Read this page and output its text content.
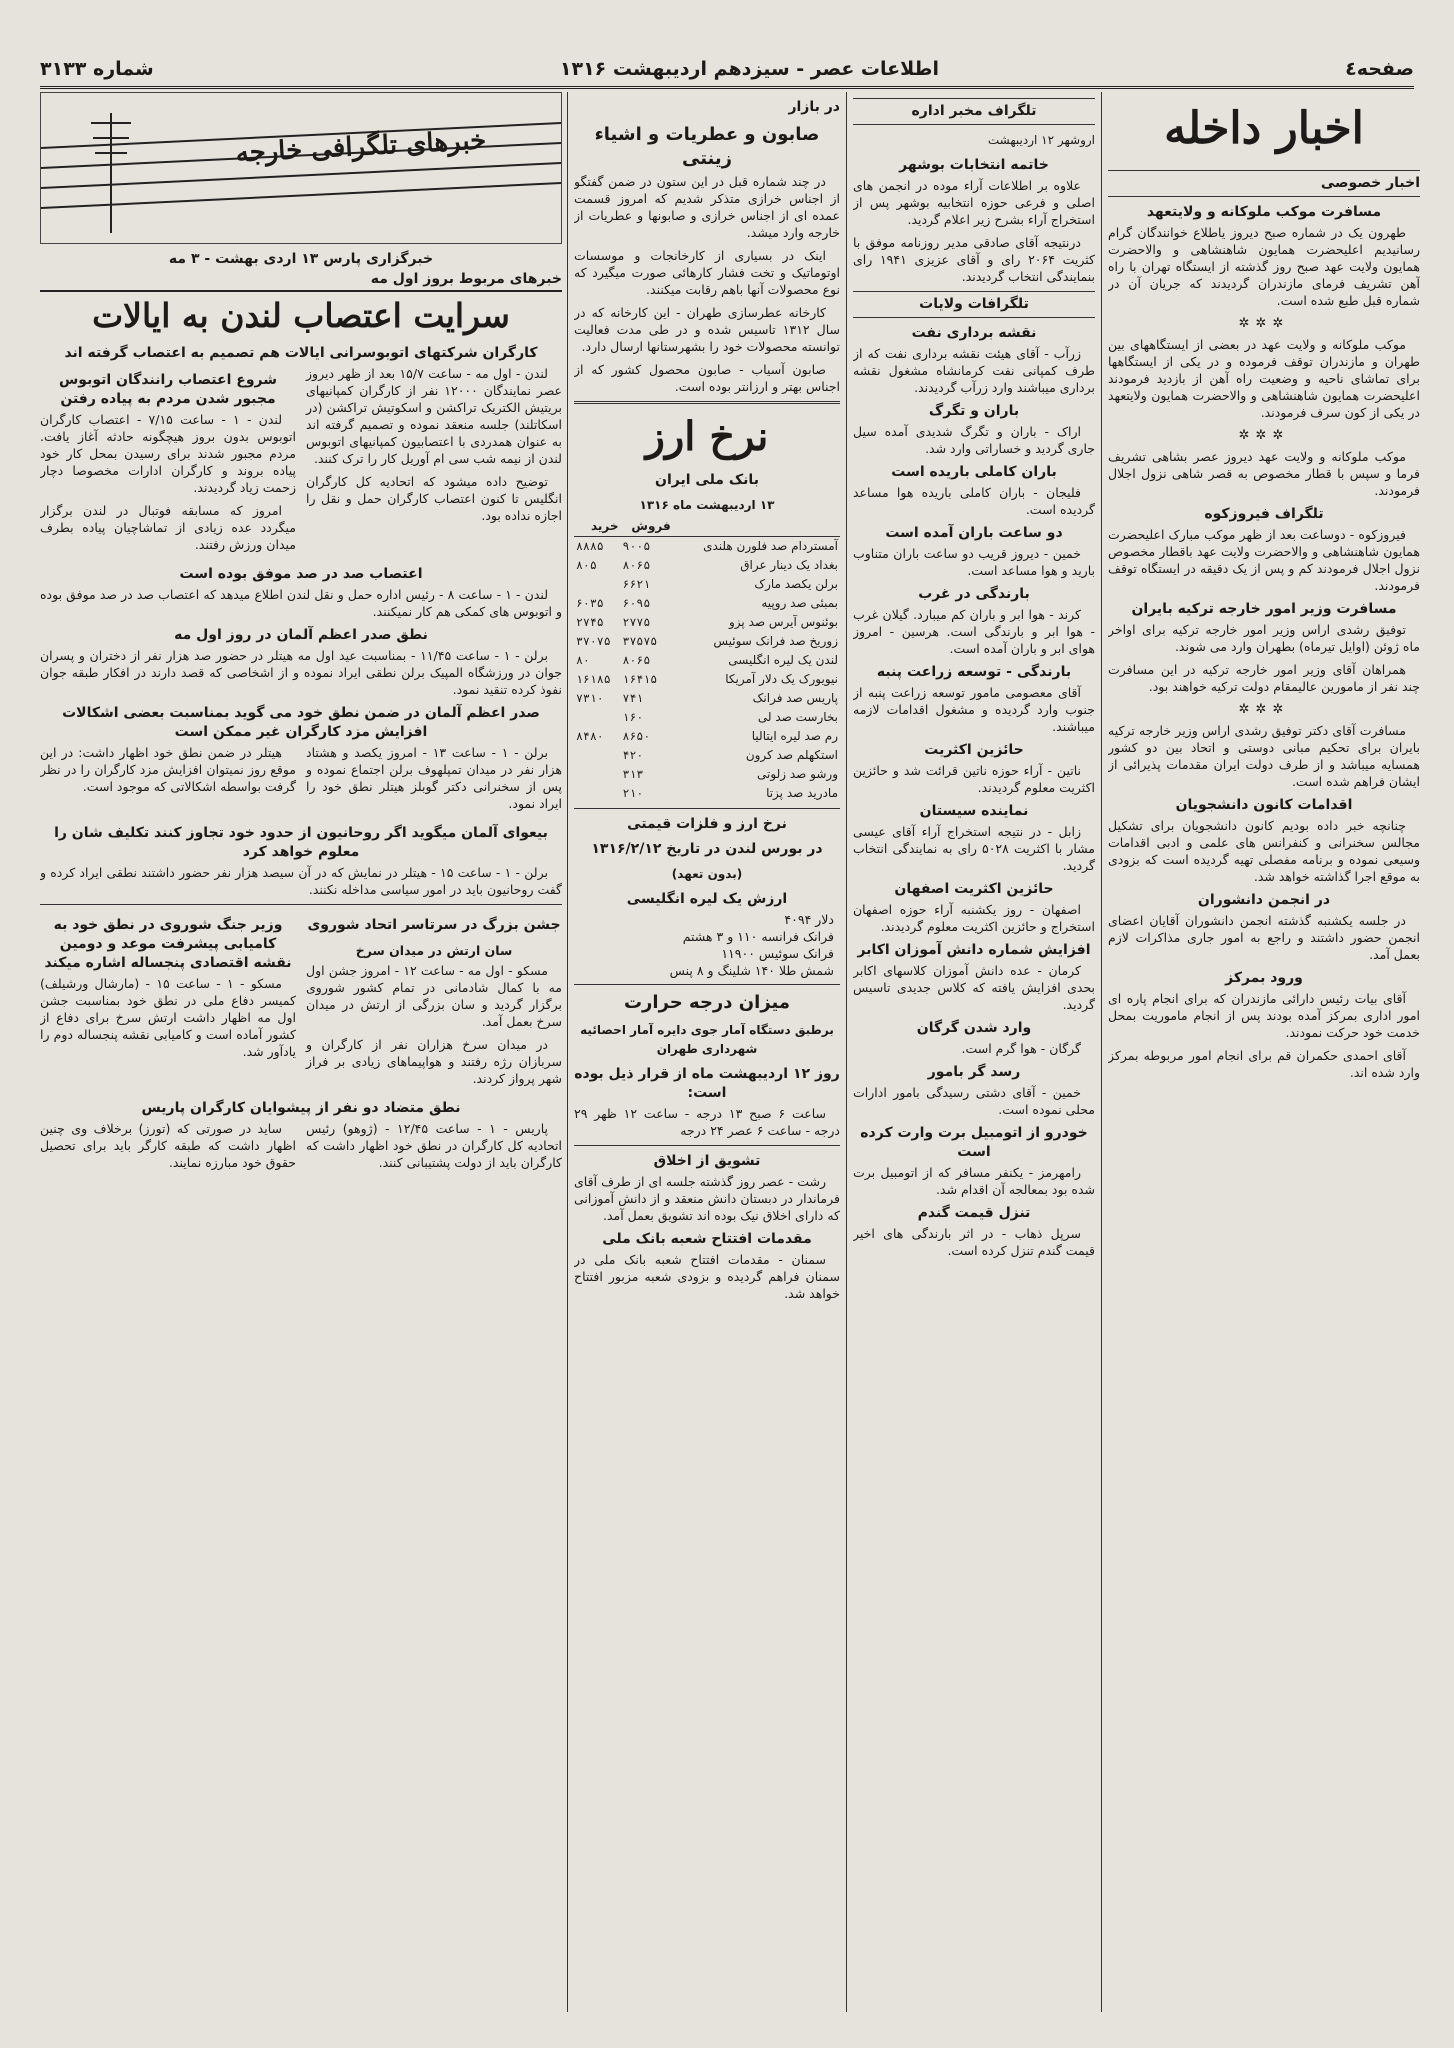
شماره ۳۱۳۳	اطلاعات عصر - سیزدهم اردیبهشت ۱۳۱۶	صفحه٤
اخبار داخله
اخبار خصوصی
مسافرت موکب ملوکانه و ولایتعهد

طهرون یک در شماره صبح دیروز یاطلاع خوانندگان گرام رسانیدیم اعلیحضرت همایون شاهنشاهی و والاحضرت همایون ولایت عهد صبح روز گذشته از ایستگاه تهران با راه آهن تشریف فرمای مازندران گردیدند که جریان آن در شماره قبل طبع شده است.

✲✲✲

موکب ملوکانه و ولایت عهد در بعضی از ایستگاههای بین طهران و مازندران توقف فرموده و در یکی از ایستگاهها برای تماشای ناحیه و وضعیت راه آهن از بازدید فرمودند اعلیحضرت همایون شاهنشاهی و والاحضرت همایون ولایتعهد در یکی از کون سرف فرمودند.

✲✲✲

موکب ملوکانه و ولایت عهد دیروز عصر بشاهی تشریف فرما و سپس با قطار مخصوص به قصر شاهی نزول اجلال فرمودند.

تلگراف فیروزکوه

فیروزکوه - دوساعت بعد از ظهر موکب مبارک اعلیحضرت همایون شاهنشاهی و والاحضرت ولایت عهد باقطار مخصوص نزول اجلال فرمودند کم و پس از یک دقیقه در ایستگاه توقف فرمودند.

مسافرت وزیر امور خارجه ترکیه بایران

توفیق رشدی اراس وزیر امور خارجه ترکیه برای اواخر ماه ژوئن (اوایل تیرماه) بطهران وارد می شوند.

همراهان آقای وزیر امور خارجه ترکیه در این مسافرت چند نفر از مامورین عالیمقام دولت ترکیه خواهند بود.

✲✲✲

مسافرت آقای دکتر توفیق رشدی اراس وزیر خارجه ترکیه بایران برای تحکیم مبانی دوستی و اتحاد بین دو کشور همسایه میباشد و از طرف دولت ایران مقدمات پذیرائی از ایشان فراهم شده است.

اقدامات کانون دانشجویان

چنانچه خبر داده بودیم کانون دانشجویان برای تشکیل مجالس سخنرانی و کنفرانس های علمی و ادبی اقدامات وسیعی نموده و برنامه مفصلی تهیه گردیده است که بزودی به موقع اجرا گذاشته خواهد شد.

در انجمن دانشوران

در جلسه یکشنبه گذشته انجمن دانشوران آقایان اعضای انجمن حضور داشتند و راجع به امور جاری مذاکرات لازم بعمل آمد.

ورود بمرکز

آقای بیات رئیس دارائی مازندران که برای انجام پاره ای امور اداری بمرکز آمده بودند پس از انجام ماموریت بمحل خدمت خود حرکت نمودند.

آقای احمدی حکمران قم برای انجام امور مربوطه بمرکز وارد شده اند.

تلگراف مخبر اداره
اروشهر ۱۲ اردیبهشت
خاتمه انتخابات بوشهر

علاوه بر اطلاعات آراء موده در انجمن های اصلی و فرعی حوزه انتخابیه بوشهر پس از استخراج آراء بشرح زیر اعلام گردید.

درنتیجه آقای صادقی مدیر روزنامه موفق با کثریت ۲۰۶۴ رای و آقای عزیزی ۱۹۴۱ رای بنمایندگی انتخاب گردیدند.

تلگرافات ولایات
نقشه برداری نفت

زرآب - آقای هیئت نقشه برداری نفت که از طرف کمپانی نفت کرمانشاه مشغول نقشه برداری میباشند وارد زرآب گردیدند.

باران و تگرگ

اراک - باران و تگرگ شدیدی آمده سیل جاری گردید و خساراتی وارد شد.

باران کاملی باریده است

فلیجان - باران کاملی باریده هوا مساعد گردیده است.

دو ساعت باران آمده است

خمین - دیروز قریب دو ساعت باران متناوب بارید و هوا مساعد است.

بارندگی در غرب

کرند - هوا ابر و باران کم میبارد. گیلان غرب - هوا ابر و بارندگی است. هرسین - امروز هوای ابر و باران آمده است.

بارندگی - توسعه زراعت پنبه

آقای معصومی مامور توسعه زراعت پنبه از جنوب وارد گردیده و مشغول اقدامات لازمه میباشند.

حائزین اکثریت

ناتین - آراء حوزه ناتین قرائت شد و حائزین اکثریت معلوم گردیدند.

نماینده سیستان

زابل - در نتیجه استخراج آراء آقای عیسی مشار با اکثریت ۵۰۲۸ رای به نمایندگی انتخاب گردید.

حائزین اکثریت اصفهان

اصفهان - روز یکشنبه آراء حوزه اصفهان استخراج و حائزین اکثریت معلوم گردیدند.

افزایش شماره دانش آموزان اکابر

کرمان - عده دانش آموزان کلاسهای اکابر بحدی افزایش یافته که کلاس جدیدی تاسیس گردید.

وارد شدن گرگان

گرگان - هوا گرم است.

رسد گر بامور

خمین - آقای دشتی رسیدگی بامور ادارات محلی نموده است.

خودرو از اتومبیل برت وارت کرده است

رامهرمز - یکنفر مسافر که از اتومبیل برت شده بود بمعالجه آن اقدام شد.

تنزل قیمت گندم

سرپل ذهاب - در اثر بارندگی های اخیر قیمت گندم تنزل کرده است.

در بازار
صابون و عطریات و اشیاء زینتی

در چند شماره قبل در این ستون در ضمن گفتگو از اجناس خرازی متذکر شدیم که امروز قسمت عمده ای از اجناس خرازی و صابونها و عطریات از خارجه وارد میشد.

اینک در بسیاری از کارخانجات و موسسات اوتوماتیک و تخت فشار کارهائی صورت میگیرد که نوع محصولات آنها باهم رقابت میکنند.

کارخانه عطرسازی طهران - این کارخانه که در سال ۱۳۱۲ تاسیس شده و در طی مدت فعالیت توانسته محصولات خود را بشهرستانها ارسال دارد.

صابون آسیاب - صابون محصول کشور که از اجناس بهتر و ارزانتر بوده است.

نرخ ارز
بانک ملی ایران
۱۳ اردیبهشت ماه ۱۳۱۶
	فروش	خرید
آمستردام صد فلورن هلندی	۹۰۰۵	۸۸۸۵
بغداد یک دینار عراق	۸۰۶۵	۸۰۵
برلن یکصد مارک	۶۶۲۱	
بمبئی صد روپیه	۶۰۹۵	۶۰۳۵
بوئنوس آیرس صد پزو	۲۷۷۵	۲۷۴۵
زوریخ صد فرانک سوئیس	۳۷۵۷۵	۳۷۰۷۵
لندن یک لیره انگلیسی	۸۰۶۵	۸۰
نیویورک یک دلار آمریکا	۱۶۴۱۵	۱۶۱۸۵
پاریس صد فرانک	۷۴۱	۷۳۱۰
بخارست صد لی	۱۶۰	
رم صد لیره ایتالیا	۸۶۵۰	۸۴۸۰
استکهلم صد کرون	۴۲۰	
ورشو صد زلوتی	۳۱۳	
مادرید صد پزتا	۲۱۰	
نرخ ارز و فلزات قیمتی
در بورس لندن در تاریخ ۱۳۱۶/۲/۱۲
(بدون تعهد)
ارزش یک لیره انگلیسی
دلار ۴۰۹۴
فرانک فرانسه ۱۱۰ و ۳ هشتم
فرانک سوئیس ۱۱۹۰۰
شمش طلا ۱۴۰ شلینگ و ۸ پنس
میزان درجه حرارت
برطبق دستگاه آمار جوی دایره آمار احصائیه شهرداری طهران
روز ۱۲ اردیبهشت ماه از قرار ذیل بوده است:

ساعت ۶ صبح ۱۳ درجه - ساعت ۱۲ ظهر ۲۹ درجه - ساعت ۶ عصر ۲۴ درجه

تشویق از اخلاق

رشت - عصر روز گذشته جلسه ای از طرف آقای فرماندار در دبستان دانش منعقد و از دانش آموزانی که دارای اخلاق نیک بوده اند تشویق بعمل آمد.

مقدمات افتتاح شعبه بانک ملی

سمنان - مقدمات افتتاح شعبه بانک ملی در سمنان فراهم گردیده و بزودی شعبه مزبور افتتاح خواهد شد.

خبرهای تلگرافی خارجه
خبرگزاری پارس ۱۳ اردی بهشت - ۳ مه
خبرهای مربوط بروز اول مه
سرایت اعتصاب لندن به ایالات
کارگران شرکتهای اتوبوسرانی ایالات هم تصمیم به اعتصاب گرفته اند

لندن - اول مه - ساعت ۱۵/۷ بعد از ظهر دیروز عصر نمایندگان ۱۲۰۰۰ نفر از کارگران کمپانیهای بریتیش الکتریک تراکشن و اسکوتیش تراکشن (در اسکاتلند) جلسه منعقد نموده و تصمیم گرفته اند به عنوان همدردی با اعتصابیون کمپانیهای اتوبوس لندن از نیمه شب سی ام آوریل کار را ترک کنند.

توضیح داده میشود که اتحادیه کل کارگران انگلیس تا کنون اعتصاب کارگران حمل و نقل را اجازه نداده بود.

شروع اعتصاب رانندگان اتوبوس مجبور شدن مردم به پیاده رفتن

لندن - ۱ - ساعت ۷/۱۵ - اعتصاب کارگران اتوبوس بدون بروز هیچگونه حادثه آغاز یافت. مردم مجبور شدند برای رسیدن بمحل کار خود پیاده بروند و کارگران ادارات مخصوصا دچار زحمت زیاد گردیدند.

امروز که مسابقه فوتبال در لندن برگزار میگردد عده زیادی از تماشاچیان پیاده بطرف میدان ورزش رفتند.

اعتصاب صد در صد موفق بوده است

لندن - ۱ - ساعت ۸ - رئیس اداره حمل و نقل لندن اطلاع میدهد که اعتصاب صد در صد موفق بوده و اتوبوس های کمکی هم کار نمیکنند.

نطق صدر اعظم آلمان در روز اول مه

برلن - ۱ - ساعت ۱۱/۴۵ - بمناسبت عید اول مه هیتلر در حضور صد هزار نفر از دختران و پسران جوان در ورزشگاه المپیک برلن نطقی ایراد نموده و از اشخاصی که قصد دارند در افکار طبقه جوان نفوذ کرده تنقید نمود.

صدر اعظم آلمان در ضمن نطق خود می گوید بمناسبت بعضی اشکالات افزایش مزد کارگران غیر ممکن است

برلن - ۱ - ساعت ۱۳ - امروز یکصد و هشتاد هزار نفر در میدان تمپلهوف برلن اجتماع نموده و پس از سخنرانی دکتر گوبلز هیتلر نطق خود را ایراد نمود.

هیتلر در ضمن نطق خود اظهار داشت: در این موقع روز نمیتوان افزایش مزد کارگران را در نظر گرفت بواسطه اشکالاتی که موجود است.

بیعوای آلمان میگوید اگر روحانیون از حدود خود تجاوز کنند تکلیف شان را معلوم خواهد کرد

برلن - ۱ - ساعت ۱۵ - هیتلر در نمایش که در آن سیصد هزار نفر حضور داشتند نطقی ایراد کرده و گفت روحانیون باید در امور سیاسی مداخله نکنند.

جشن بزرگ در سرتاسر اتحاد شوروی
سان ارتش در میدان سرخ

مسکو - اول مه - ساعت ۱۲ - امروز جشن اول مه با کمال شادمانی در تمام کشور شوروی برگزار گردید و سان بزرگی از ارتش در میدان سرخ بعمل آمد.

در میدان سرخ هزاران نفر از کارگران و سربازان رژه رفتند و هواپیماهای زیادی بر فراز شهر پرواز کردند.

وزیر جنگ شوروی در نطق خود به کامیابی پیشرفت موعد و دومین نقشه اقتصادی پنجساله اشاره میکند

مسکو - ۱ - ساعت ۱۵ - (مارشال ورشیلف) کمیسر دفاع ملی در نطق خود بمناسبت جشن اول مه اظهار داشت ارتش سرخ برای دفاع از کشور آماده است و کامیابی نقشه پنجساله دوم را یادآور شد.

نطق متضاد دو نفر از پیشوایان کارگران پاریس

پاریس - ۱ - ساعت ۱۲/۴۵ - (ژوهو) رئیس اتحادیه کل کارگران در نطق خود اظهار داشت که کارگران باید از دولت پشتیبانی کنند.

ساید در صورتی که (تورز) برخلاف وی چنین اظهار داشت که طبقه کارگر باید برای تحصیل حقوق خود مبارزه نمایند.
